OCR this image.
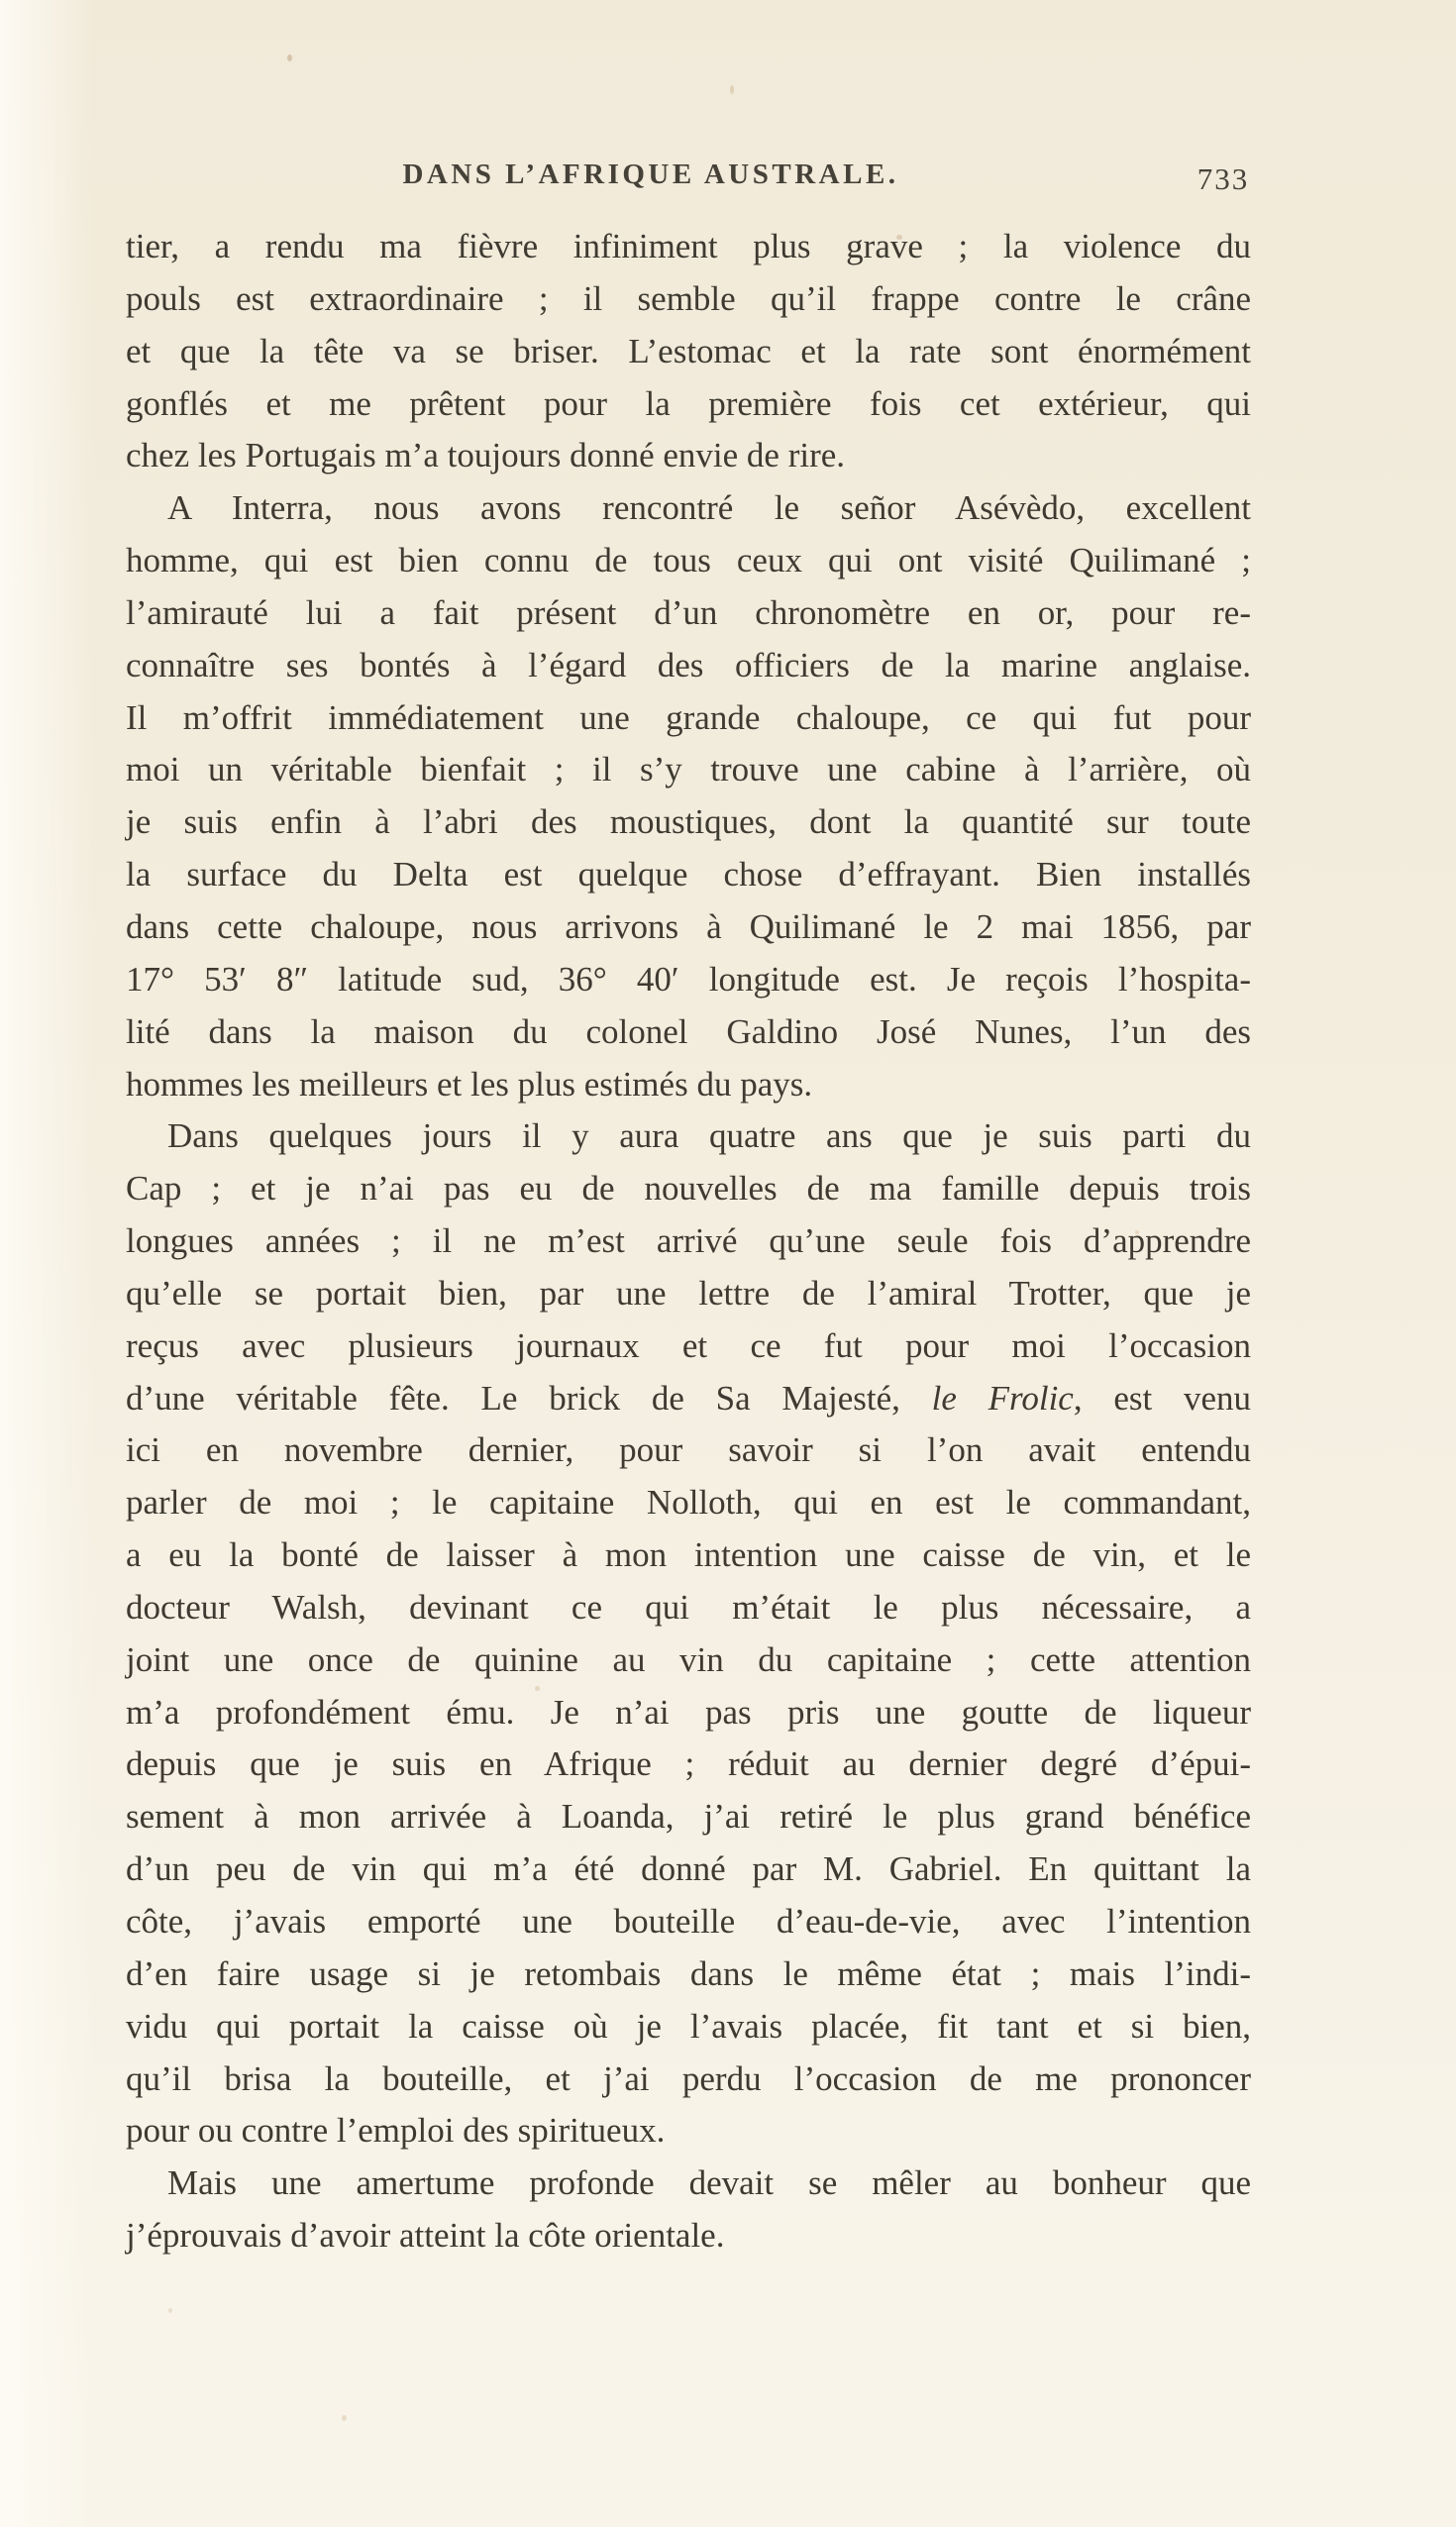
DANS L’AFRIQUE AUSTRALE.	733
tier, a rendu ma fièvre infiniment plus grave ; la violence du
pouls est extraordinaire ; il semble qu’il frappe contre le crâne
et que la tête va se briser. L’estomac et la rate sont énormément
gonflés et me prêtent pour la première fois cet extérieur, qui
chez les Portugais m’a toujours donné envie de rire.
A Interra, nous avons rencontré le señor Asévèdo, excellent
homme, qui est bien connu de tous ceux qui ont visité Quilimané ;
l’amirauté lui a fait présent d’un chronomètre en or, pour re-
connaître ses bontés à l’égard des officiers de la marine anglaise.
Il m’offrit immédiatement une grande chaloupe, ce qui fut pour
moi un véritable bienfait ; il s’y trouve une cabine à l’arrière, où
je suis enfin à l’abri des moustiques, dont la quantité sur toute
la surface du Delta est quelque chose d’effrayant. Bien installés
dans cette chaloupe, nous arrivons à Quilimané le 2 mai 1856, par
17° 53′ 8″ latitude sud, 36° 40′ longitude est. Je reçois l’hospita-
lité dans la maison du colonel Galdino José Nunes, l’un des
hommes les meilleurs et les plus estimés du pays.
Dans quelques jours il y aura quatre ans que je suis parti du
Cap ; et je n’ai pas eu de nouvelles de ma famille depuis trois
longues années ; il ne m’est arrivé qu’une seule fois d’apprendre
qu’elle se portait bien, par une lettre de l’amiral Trotter, que je
reçus avec plusieurs journaux et ce fut pour moi l’occasion
d’une véritable fête. Le brick de Sa Majesté, le Frolic, est venu
ici en novembre dernier, pour savoir si l’on avait entendu
parler de moi ; le capitaine Nolloth, qui en est le commandant,
a eu la bonté de laisser à mon intention une caisse de vin, et le
docteur Walsh, devinant ce qui m’était le plus nécessaire, a
joint une once de quinine au vin du capitaine ; cette attention
m’a profondément ému. Je n’ai pas pris une goutte de liqueur
depuis que je suis en Afrique ; réduit au dernier degré d’épui-
sement à mon arrivée à Loanda, j’ai retiré le plus grand bénéfice
d’un peu de vin qui m’a été donné par M. Gabriel. En quittant la
côte, j’avais emporté une bouteille d’eau-de-vie, avec l’intention
d’en faire usage si je retombais dans le même état ; mais l’indi-
vidu qui portait la caisse où je l’avais placée, fit tant et si bien,
qu’il brisa la bouteille, et j’ai perdu l’occasion de me prononcer
pour ou contre l’emploi des spiritueux.
Mais une amertume profonde devait se mêler au bonheur que
j’éprouvais d’avoir atteint la côte orientale.
